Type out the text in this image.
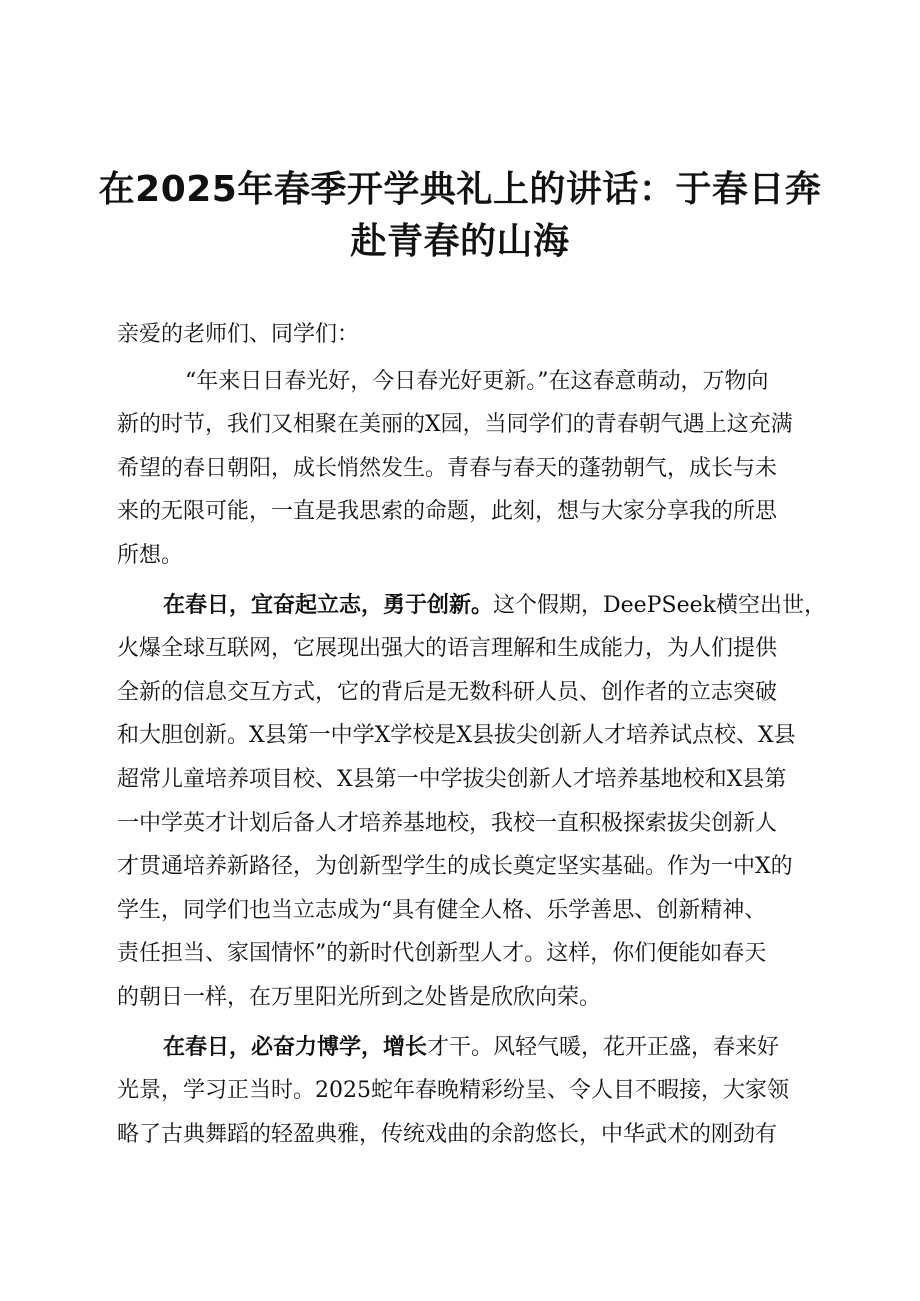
在2025年春季开学典礼上的讲话：于春日奔
赴青春的山海
亲爱的老师们、同学们：
“年来日日春光好，今日春光好更新。”在这春意萌动，万物向
新的时节，我们又相聚在美丽的X园，当同学们的青春朝气遇上这充满
希望的春日朝阳，成长悄然发生。青春与春天的蓬勃朝气，成长与未
来的无限可能，一直是我思索的命题，此刻，想与大家分享我的所思
所想。
在春日，宜奋起立志，勇于创新。这个假期，DeePSeek横空出世，
火爆全球互联网，它展现出强大的语言理解和生成能力，为人们提供
全新的信息交互方式，它的背后是无数科研人员、创作者的立志突破
和大胆创新。X县第一中学X学校是X县拔尖创新人才培养试点校、X县
超常儿童培养项目校、X县第一中学拔尖创新人才培养基地校和X县第
一中学英才计划后备人才培养基地校，我校一直积极探索拔尖创新人
才贯通培养新路径，为创新型学生的成长奠定坚实基础。作为一中X的
学生，同学们也当立志成为“具有健全人格、乐学善思、创新精神、
责任担当、家国情怀”的新时代创新型人才。这样，你们便能如春天
的朝日一样，在万里阳光所到之处皆是欣欣向荣。
在春日，必奋力博学，增长才干。风轻气暖，花开正盛，春来好
光景，学习正当时。2025蛇年春晚精彩纷呈、令人目不暇接，大家领
略了古典舞蹈的轻盈典雅，传统戏曲的余韵悠长，中华武术的刚劲有
